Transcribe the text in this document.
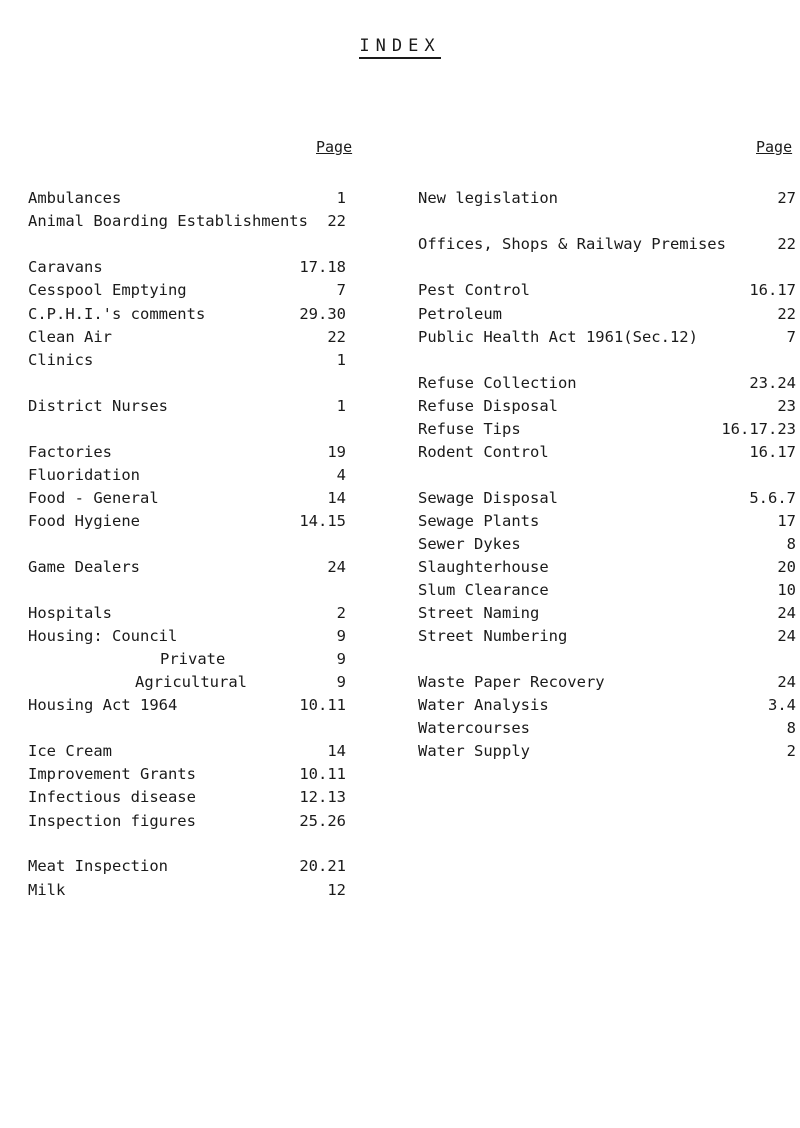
INDEX
Page	Page
Ambulances	1
Animal Boarding Establishments 22
Caravans	17.18
Cesspool Emptying	7
C.P.H.I.'s comments	29.30
Clean Air	22
Clinics	1
District Nurses	1
Factories	19
Fluoridation	4
Food - General	14
Food Hygiene	14.15
Game Dealers	24
Hospitals	2
Housing: Council	9
Private	9
Agricultural	9
Housing Act 1964	10.11
Ice Cream	14
Improvement Grants	10.11
Infectious disease	12.13
Inspection figures	25.26
Meat Inspection	20.21
Milk	12
New legislation	27
Offices, Shops & Railway Premises	22
Pest Control	16.17
Petroleum	22
Public Health Act 1961(Sec.12)	7
Refuse Collection	23.24
Refuse Disposal	23
Refuse Tips	16.17.23
Rodent Control	16.17
Sewage Disposal	5.6.7
Sewage Plants	17
Sewer Dykes	8
Slaughterhouse	20
Slum Clearance	10
Street Naming	24
Street Numbering	24
Waste Paper Recovery	24
Water Analysis	3.4
Watercourses	8
Water Supply	2
